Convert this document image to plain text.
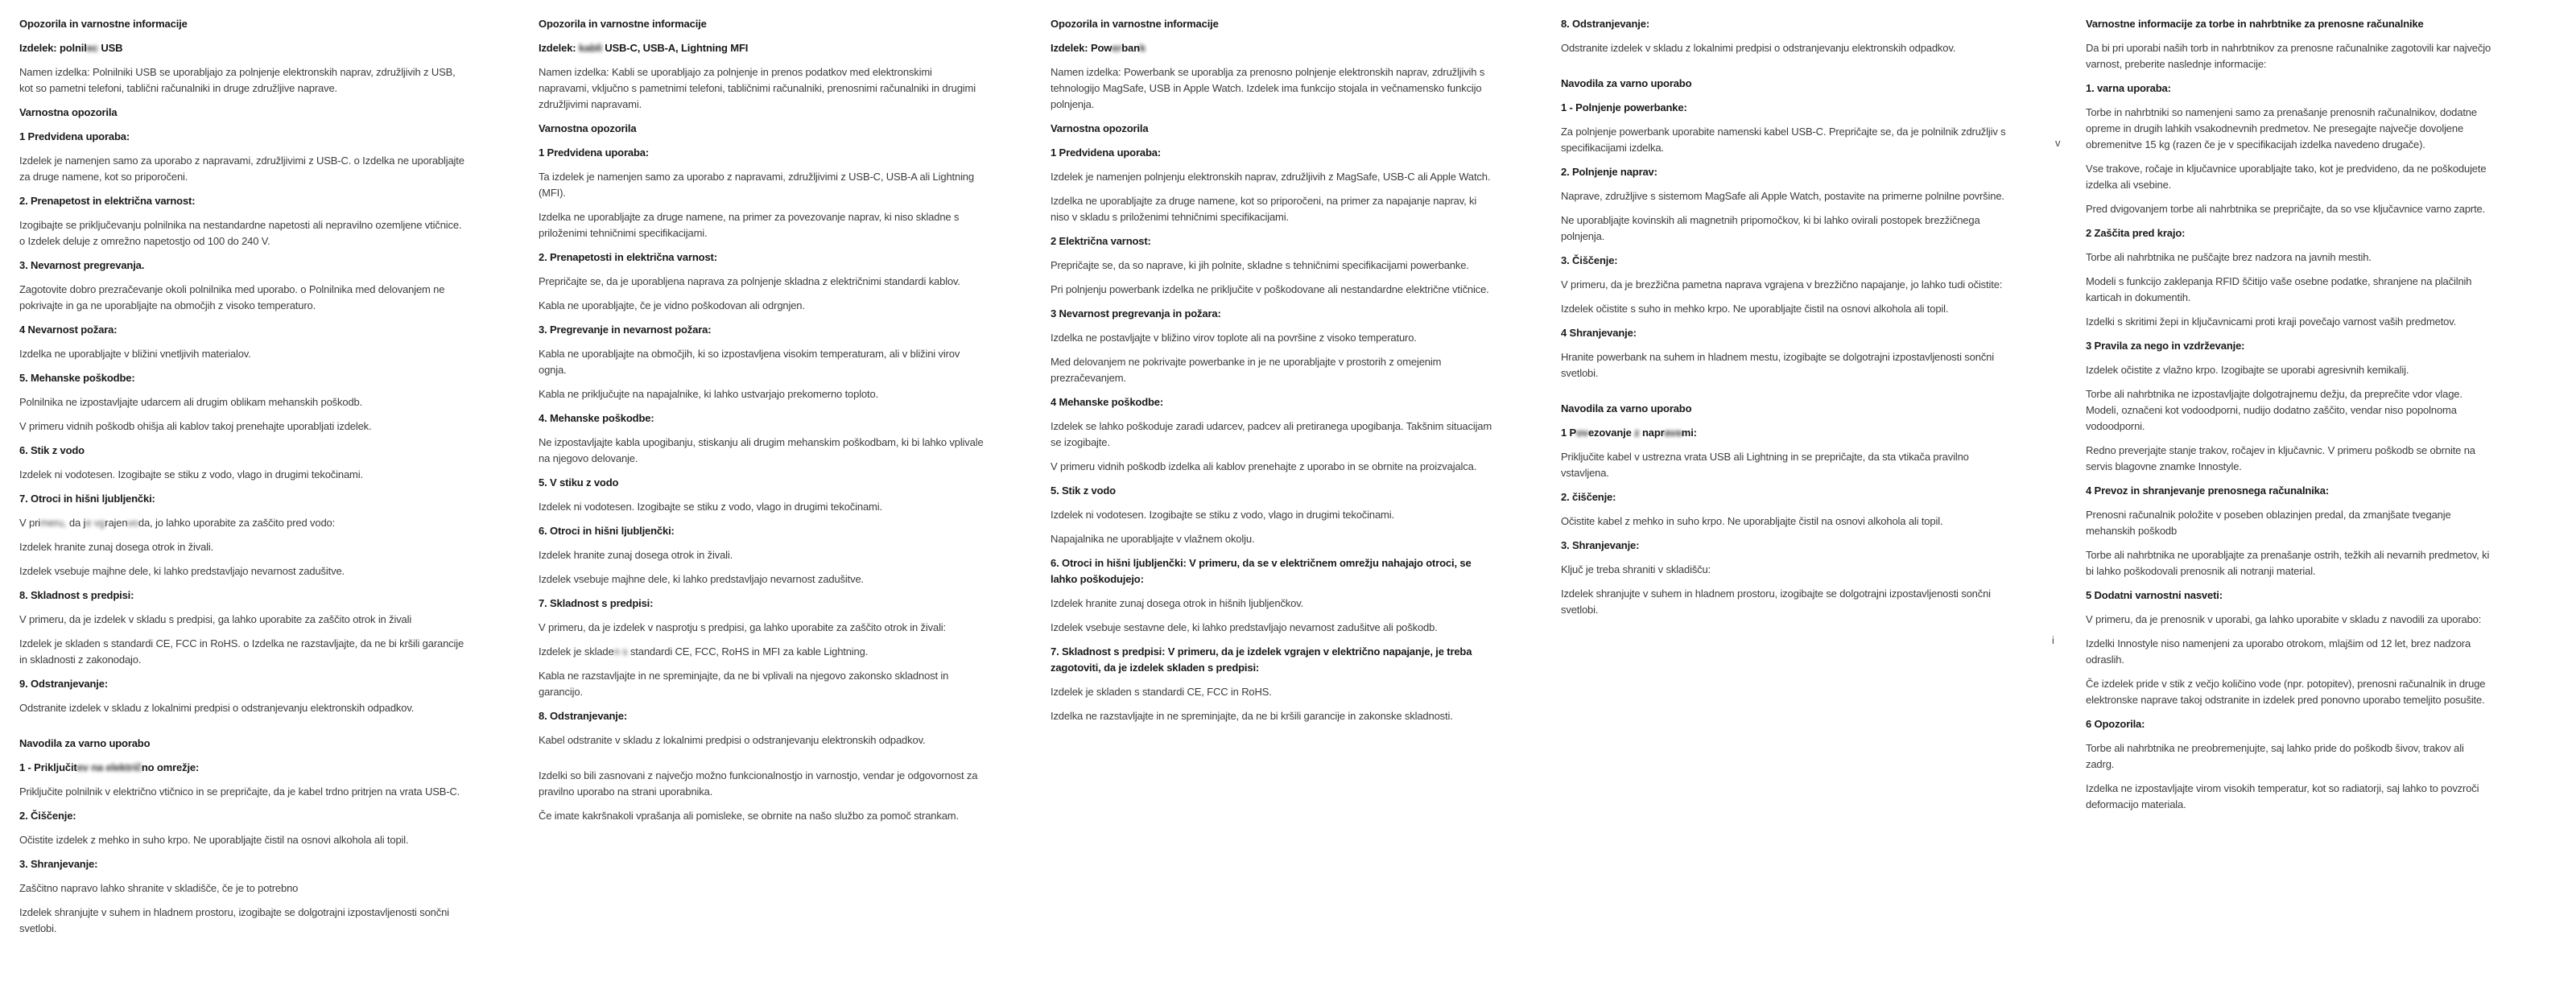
Opozorila in varnostne informacije
Izdelek: polnilec USB

Namen izdelka: Polnilniki USB se uporabljajo za polnjenje elektronskih naprav, združljivih z USB, kot so pametni telefoni, tablični računalniki in druge združljive naprave.

Varnostna opozorila
1 Predvidena uporaba:

Izdelek je namenjen samo za uporabo z napravami, združljivimi z USB-C. o Izdelka ne uporabljajte za druge namene, kot so priporočeni.

2. Prenapetost in električna varnost:

Izogibajte se priključevanju polnilnika na nestandardne napetosti ali nepravilno ozemljene vtičnice. o Izdelek deluje z omrežno napetostjo od 100 do 240 V.

3. Nevarnost pregrevanja.

Zagotovite dobro prezračevanje okoli polnilnika med uporabo. o Polnilnika med delovanjem ne pokrivajte in ga ne uporabljajte na območjih z visoko temperaturo.

4 Nevarnost požara:

Izdelka ne uporabljajte v bližini vnetljivih materialov.

5. Mehanske poškodbe:

Polnilnika ne izpostavljajte udarcem ali drugim oblikam mehanskih poškodb.

V primeru vidnih poškodb ohišja ali kablov takoj prenehajte uporabljati izdelek.

6. Stik z vodo

Izdelek ni vodotesen. Izogibajte se stiku z vodo, vlago in drugimi tekočinami.

7. Otroci in hišni ljubljenčki:

V primeru, da je vgrajenvoda, jo lahko uporabite za zaščito pred vodo:

Izdelek hranite zunaj dosega otrok in živali.

Izdelek vsebuje majhne dele, ki lahko predstavljajo nevarnost zadušitve.

8. Skladnost s predpisi:

V primeru, da je izdelek v skladu s predpisi, ga lahko uporabite za zaščito otrok in živali

Izdelek je skladen s standardi CE, FCC in RoHS. o Izdelka ne razstavljajte, da ne bi kršili garancije in skladnosti z zakonodajo.

9. Odstranjevanje:

Odstranite izdelek v skladu z lokalnimi predpisi o odstranjevanju elektronskih odpadkov.

Navodila za varno uporabo
1 - Priključitev na električno omrežje:

Priključite polnilnik v električno vtičnico in se prepričajte, da je kabel trdno pritrjen na vrata USB-C.

2. Čiščenje:

Očistite izdelek z mehko in suho krpo. Ne uporabljajte čistil na osnovi alkohola ali topil.

3. Shranjevanje:

Zaščitno napravo lahko shranite v skladišče, če je to potrebno

Izdelek shranjujte v suhem in hladnem prostoru, izogibajte se dolgotrajni izpostavljenosti sončni svetlobi.

Opozorila in varnostne informacije
Izdelek: kabli USB-C, USB-A, Lightning MFI

Namen izdelka: Kabli se uporabljajo za polnjenje in prenos podatkov med elektronskimi napravami, vključno s pametnimi telefoni, tabličnimi računalniki, prenosnimi računalniki in drugimi združljivimi napravami.

Varnostna opozorila
1 Predvidena uporaba:

Ta izdelek je namenjen samo za uporabo z napravami, združljivimi z USB-C, USB-A ali Lightning (MFI).

Izdelka ne uporabljajte za druge namene, na primer za povezovanje naprav, ki niso skladne s priloženimi tehničnimi specifikacijami.

2. Prenapetosti in električna varnost:

Prepričajte se, da je uporabljena naprava za polnjenje skladna z električnimi standardi kablov.

Kabla ne uporabljajte, če je vidno poškodovan ali odrgnjen.

3. Pregrevanje in nevarnost požara:

Kabla ne uporabljajte na območjih, ki so izpostavljena visokim temperaturam, ali v bližini virov ognja.

Kabla ne priključujte na napajalnike, ki lahko ustvarjajo prekomerno toploto.

4. Mehanske poškodbe:

Ne izpostavljajte kabla upogibanju, stiskanju ali drugim mehanskim poškodbam, ki bi lahko vplivale na njegovo delovanje.

5. V stiku z vodo

Izdelek ni vodotesen. Izogibajte se stiku z vodo, vlago in drugimi tekočinami.

6. Otroci in hišni ljubljenčki:

Izdelek hranite zunaj dosega otrok in živali.

Izdelek vsebuje majhne dele, ki lahko predstavljajo nevarnost zadušitve.

7. Skladnost s predpisi:

V primeru, da je izdelek v nasprotju s predpisi, ga lahko uporabite za zaščito otrok in živali:

Izdelek je skladen s standardi CE, FCC, RoHS in MFI za kable Lightning.

Kabla ne razstavljajte in ne spreminjajte, da ne bi vplivali na njegovo zakonsko skladnost in garancijo.

8. Odstranjevanje:

Kabel odstranite v skladu z lokalnimi predpisi o odstranjevanju elektronskih odpadkov.

Izdelki so bili zasnovani z največjo možno funkcionalnostjo in varnostjo, vendar je odgovornost za pravilno uporabo na strani uporabnika.

Če imate kakršnakoli vprašanja ali pomisleke, se obrnite na našo službo za pomoč strankam.

Opozorila in varnostne informacije
Izdelek: Powerbank

Namen izdelka: Powerbank se uporablja za prenosno polnjenje elektronskih naprav, združljivih s tehnologijo MagSafe, USB in Apple Watch. Izdelek ima funkcijo stojala in večnamensko funkcijo polnjenja.

Varnostna opozorila
1 Predvidena uporaba:

Izdelek je namenjen polnjenju elektronskih naprav, združljivih z MagSafe, USB-C ali Apple Watch.

Izdelka ne uporabljajte za druge namene, kot so priporočeni, na primer za napajanje naprav, ki niso v skladu s priloženimi tehničnimi specifikacijami.

2 Električna varnost:

Prepričajte se, da so naprave, ki jih polnite, skladne s tehničnimi specifikacijami powerbanke.

Pri polnjenju powerbank izdelka ne priključite v poškodovane ali nestandardne električne vtičnice.

3 Nevarnost pregrevanja in požara:

Izdelka ne postavljajte v bližino virov toplote ali na površine z visoko temperaturo.

Med delovanjem ne pokrivajte powerbanke in je ne uporabljajte v prostorih z omejenim prezračevanjem.

4 Mehanske poškodbe:

Izdelek se lahko poškoduje zaradi udarcev, padcev ali pretiranega upogibanja. Takšnim situacijam se izogibajte.

V primeru vidnih poškodb izdelka ali kablov prenehajte z uporabo in se obrnite na proizvajalca.

5. Stik z vodo

Izdelek ni vodotesen. Izogibajte se stiku z vodo, vlago in drugimi tekočinami.

Napajalnika ne uporabljajte v vlažnem okolju.

6. Otroci in hišni ljubljenčki: V primeru, da se v električnem omrežju nahajajo otroci, se lahko poškodujejo:

Izdelek hranite zunaj dosega otrok in hišnih ljubljenčkov.

Izdelek vsebuje sestavne dele, ki lahko predstavljajo nevarnost zadušitve ali poškodb.

7. Skladnost s predpisi: V primeru, da je izdelek vgrajen v električno napajanje, je treba zagotoviti, da je izdelek skladen s predpisi:

Izdelek je skladen s standardi CE, FCC in RoHS.

Izdelka ne razstavljajte in ne spreminjajte, da ne bi kršili garancije in zakonske skladnosti.

8. Odstranjevanje:

Odstranite izdelek v skladu z lokalnimi predpisi o odstranjevanju elektronskih odpadkov.

Navodila za varno uporabo
1 - Polnjenje powerbanke:

Za polnjenje powerbank uporabite namenski kabel USB-C. Prepričajte se, da je polnilnik združljiv s specifikacijami izdelka.

2. Polnjenje naprav:

Naprave, združljive s sistemom MagSafe ali Apple Watch, postavite na primerne polnilne površine.

Ne uporabljajte kovinskih ali magnetnih pripomočkov, ki bi lahko ovirali postopek brezžičnega polnjenja.

3. Čiščenje:

V primeru, da je brezžična pametna naprava vgrajena v brezžično napajanje, jo lahko tudi očistite:

Izdelek očistite s suho in mehko krpo. Ne uporabljajte čistil na osnovi alkohola ali topil.

4 Shranjevanje:

Hranite powerbank na suhem in hladnem mestu, izogibajte se dolgotrajni izpostavljenosti sončni svetlobi.

Navodila za varno uporabo
1 Povezovanje z napravami:

Priključite kabel v ustrezna vrata USB ali Lightning in se prepričajte, da sta vtikača pravilno vstavljena.

2. čiščenje:

Očistite kabel z mehko in suho krpo. Ne uporabljajte čistil na osnovi alkohola ali topil.

3. Shranjevanje:

Ključ je treba shraniti v skladišču:

Izdelek shranjujte v suhem in hladnem prostoru, izogibajte se dolgotrajni izpostavljenosti sončni svetlobi.

Varnostne informacije za torbe in nahrbtnike za prenosne računalnike

Da bi pri uporabi naših torb in nahrbtnikov za prenosne računalnike zagotovili kar največjo varnost, preberite naslednje informacije:

1. varna uporaba:

Torbe in nahrbtniki so namenjeni samo za prenašanje prenosnih računalnikov, dodatne opreme in drugih lahkih vsakodnevnih predmetov. Ne presegajte največje dovoljene obremenitve 15 kg (razen če je v specifikacijah izdelka navedeno drugače).

Vse trakove, ročaje in ključavnice uporabljajte tako, kot je predvideno, da ne poškodujete izdelka ali vsebine.

Pred dvigovanjem torbe ali nahrbtnika se prepričajte, da so vse ključavnice varno zaprte.

2 Zaščita pred krajo:

Torbe ali nahrbtnika ne puščajte brez nadzora na javnih mestih.

Modeli s funkcijo zaklepanja RFID ščitijo vaše osebne podatke, shranjene na plačilnih karticah in dokumentih.

Izdelki s skritimi žepi in ključavnicami proti kraji povečajo varnost vaših predmetov.

3 Pravila za nego in vzdrževanje:

Izdelek očistite z vlažno krpo. Izogibajte se uporabi agresivnih kemikalij.

Torbe ali nahrbtnika ne izpostavljajte dolgotrajnemu dežju, da preprečite vdor vlage. Modeli, označeni kot vodoodporni, nudijo dodatno zaščito, vendar niso popolnoma vodoodporni.

Redno preverjajte stanje trakov, ročajev in ključavnic. V primeru poškodb se obrnite na servis blagovne znamke Innostyle.

4 Prevoz in shranjevanje prenosnega računalnika:

Prenosni računalnik položite v poseben oblazinjen predal, da zmanjšate tveganje mehanskih poškodb

Torbe ali nahrbtnika ne uporabljajte za prenašanje ostrih, težkih ali nevarnih predmetov, ki bi lahko poškodovali prenosnik ali notranji material.

5 Dodatni varnostni nasveti:

V primeru, da je prenosnik v uporabi, ga lahko uporabite v skladu z navodili za uporabo:

Izdelki Innostyle niso namenjeni za uporabo otrokom, mlajšim od 12 let, brez nadzora odraslih.

Če izdelek pride v stik z večjo količino vode (npr. potopitev), prenosni računalnik in druge elektronske naprave takoj odstranite in izdelek pred ponovno uporabo temeljito posušite.

6 Opozorila:

Torbe ali nahrbtnika ne preobremenjujte, saj lahko pride do poškodb šivov, trakov ali zadrg.

Izdelka ne izpostavljajte virom visokih temperatur, kot so radiatorji, saj lahko to povzroči deformacijo materiala.

v
i
